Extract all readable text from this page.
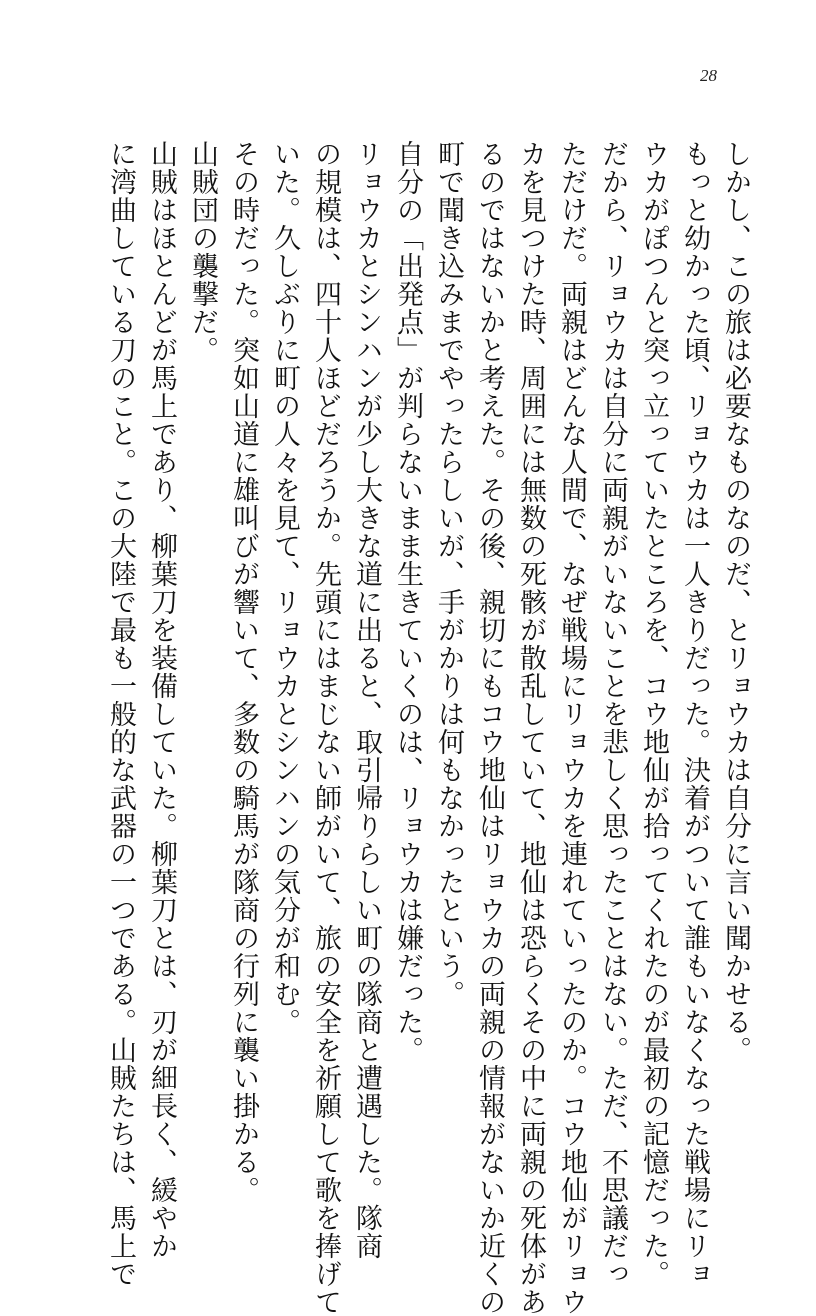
28
しかし、この旅は必要なものなのだ、とリョウカは自分に言い聞かせる。
もっと幼かった頃、リョウカは一人きりだった。決着がついて誰もいなくなった戦場にリョ
ウカがぽつんと突っ立っていたところを、コウ地仙が拾ってくれたのが最初の記憶だった。
だから、リョウカは自分に両親がいないことを悲しく思ったことはない。ただ、不思議だっ
ただけだ。両親はどんな人間で、なぜ戦場にリョウカを連れていったのか。コウ地仙がリョウ
カを見つけた時、周囲には無数の死骸が散乱していて、地仙は恐らくその中に両親の死体があ
るのではないかと考えた。その後、親切にもコウ地仙はリョウカの両親の情報がないか近くの
町で聞き込みまでやったらしいが、手がかりは何もなかったという。
自分の「出発点」が判らないまま生きていくのは、リョウカは嫌だった。
リョウカとシンハンが少し大きな道に出ると、取引帰りらしい町の隊商と遭遇した。隊商
の規模は、四十人ほどだろうか。先頭にはまじない師がいて、旅の安全を祈願して歌を捧げて
いた。久しぶりに町の人々を見て、リョウカとシンハンの気分が和む。
その時だった。突如山道に雄叫びが響いて、多数の騎馬が隊商の行列に襲い掛かる。
山賊団の襲撃だ。
山賊はほとんどが馬上であり、柳葉刀を装備していた。柳葉刀とは、刃が細長く、緩やか
に湾曲している刀のこと。この大陸で最も一般的な武器の一つである。山賊たちは、馬上で
